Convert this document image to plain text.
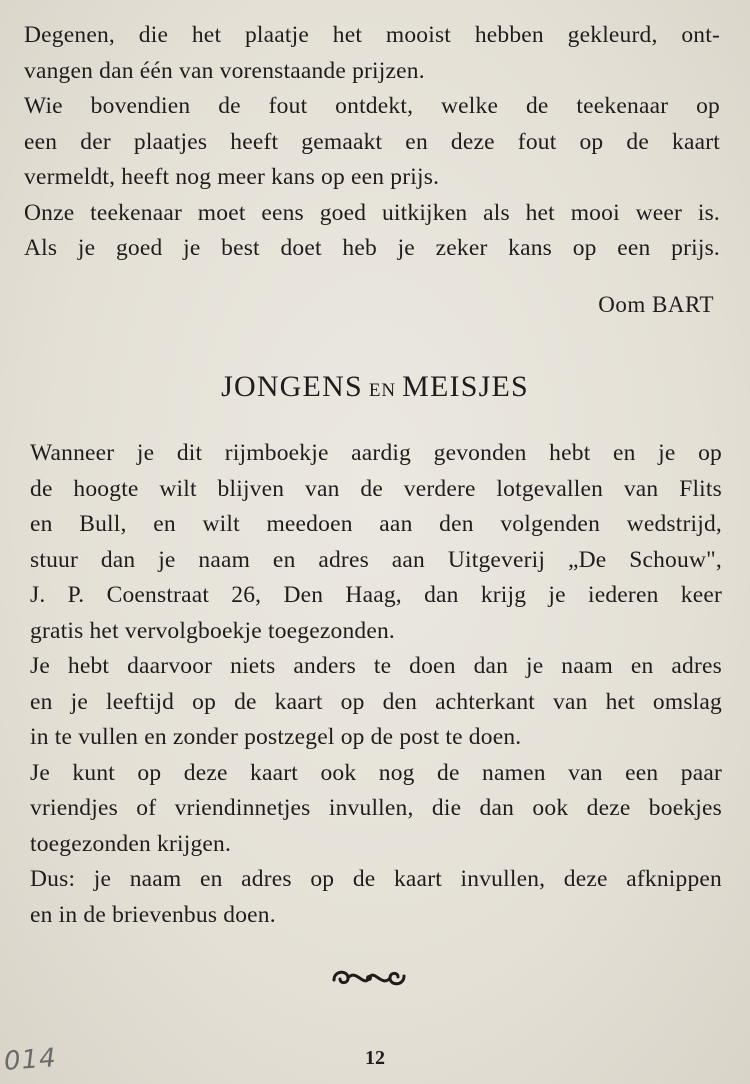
Degenen, die het plaatje het mooist hebben gekleurd, ont-
vangen dan één van vorenstaande prijzen.
Wie bovendien de fout ontdekt, welke de teekenaar op
een der plaatjes heeft gemaakt en deze fout op de kaart
vermeldt, heeft nog meer kans op een prijs.
Onze teekenaar moet eens goed uitkijken als het mooi weer is.
Als je goed je best doet heb je zeker kans op een prijs.
Oom BART
JONGENS EN MEISJES
Wanneer je dit rijmboekje aardig gevonden hebt en je op
de hoogte wilt blijven van de verdere lotgevallen van Flits
en Bull, en wilt meedoen aan den volgenden wedstrijd,
stuur dan je naam en adres aan Uitgeverij „De Schouw",
J. P. Coenstraat 26, Den Haag, dan krijg je iederen keer
gratis het vervolgboekje toegezonden.
Je hebt daarvoor niets anders te doen dan je naam en adres
en je leeftijd op de kaart op den achterkant van het omslag
in te vullen en zonder postzegel op de post te doen.
Je kunt op deze kaart ook nog de namen van een paar
vriendjes of vriendinnetjes invullen, die dan ook deze boekjes
toegezonden krijgen.
Dus: je naam en adres op de kaart invullen, deze afknippen
en in de brievenbus doen.
12
014
